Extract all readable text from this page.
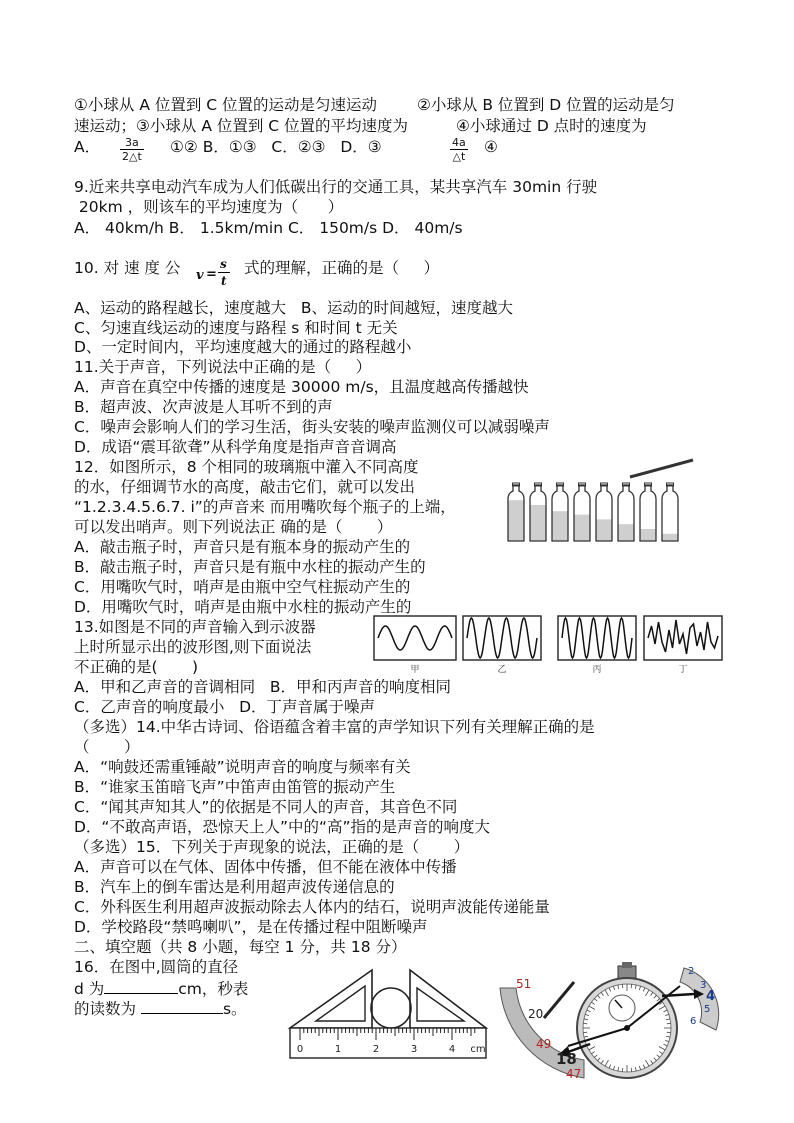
①小球从 A 位置到 C 位置的运动是匀速运动	②小球从 B 位置到 D 位置的运动是匀
速运动；③小球从 A 位置到 C 位置的平均速度为	④小球通过 D 点时的速度为
A． $\frac{3a}{2\triangle t}$ ①② B．①③   C．②③   D．③	$\frac{4a}{\triangle t}$ ④
9.近来共享电动汽车成为人们低碳出行的交通工具，某共享汽车 30min 行驶
20km ，则该车的平均速度为（      ）
A． 40km/h B． 1.5km/min C． 150m/s D． 40m/s
10. 对 速 度 公 v =
s
t
式的理解，正确的是（     ）
A、运动的路程越长，速度越大   B、运动的时间越短，速度越大
C、匀速直线运动的速度与路程 s 和时间 t 无关
D、一定时间内，平均速度越大的通过的路程越小
11.关于声音，下列说法中正确的是（     ）
A．声音在真空中传播的速度是 30000 m/s，且温度越高传播越快
B．超声波、次声波是人耳听不到的声
C．噪声会影响人们的学习生活，街头安装的噪声监测仪可以减弱噪声
D．成语“震耳欲聋”从科学角度是指声音音调高
12．如图所示，8 个相同的玻璃瓶中灌入不同高度
的水，仔细调节水的高度，敲击它们，就可以发出
“1.2.3.4.5.6.7. i”的声音来 而用嘴吹每个瓶子的上端，
可以发出哨声。则下列说法正 确的是（       ）
A．敲击瓶子时，声音只是有瓶本身的振动产生的
B．敲击瓶子时，声音只是有瓶中水柱的振动产生的
C．用嘴吹气时，哨声是由瓶中空气柱振动产生的
D．用嘴吹气时，哨声是由瓶中水柱的振动产生的
13.如图是不同的声音输入到示波器
上时所显示出的波形图,则下面说法
不正确的是(       )
A．甲和乙声音的音调相同   B．甲和丙声音的响度相同
C．乙声音的响度最小   D．丁声音属于噪声
甲	乙	丙	丁
（多选）14.中华古诗词、俗语蕴含着丰富的声学知识下列有关理解正确的是
（       ）
A．“响鼓还需重锤敲”说明声音的响度与频率有关
B．“谁家玉笛暗飞声”中笛声由笛管的振动产生
C．“闻其声知其人”的依据是不同人的声音，其音色不同
D．“不敢高声语，恐惊天上人”中的“高”指的是声音的响度大
（多选）15．下列关于声现象的说法，正确的是（       ）
A．声音可以在气体、固体中传播，但不能在液体中传播
B．汽车上的倒车雷达是利用超声波传递信息的
C．外科医生利用超声波振动除去人体内的结石，说明声波能传递能量
D．学校路段“禁鸣喇叭”，是在传播过程中阻断噪声
二、填空题（共 8 小题，每空 1 分，共 18 分）
16．在图中,圆筒的直径
d 为	cm，秒表
的读数为	s。
0	1	2	3	4 cm
51
20
49
18
47
2
3
4
5
6
